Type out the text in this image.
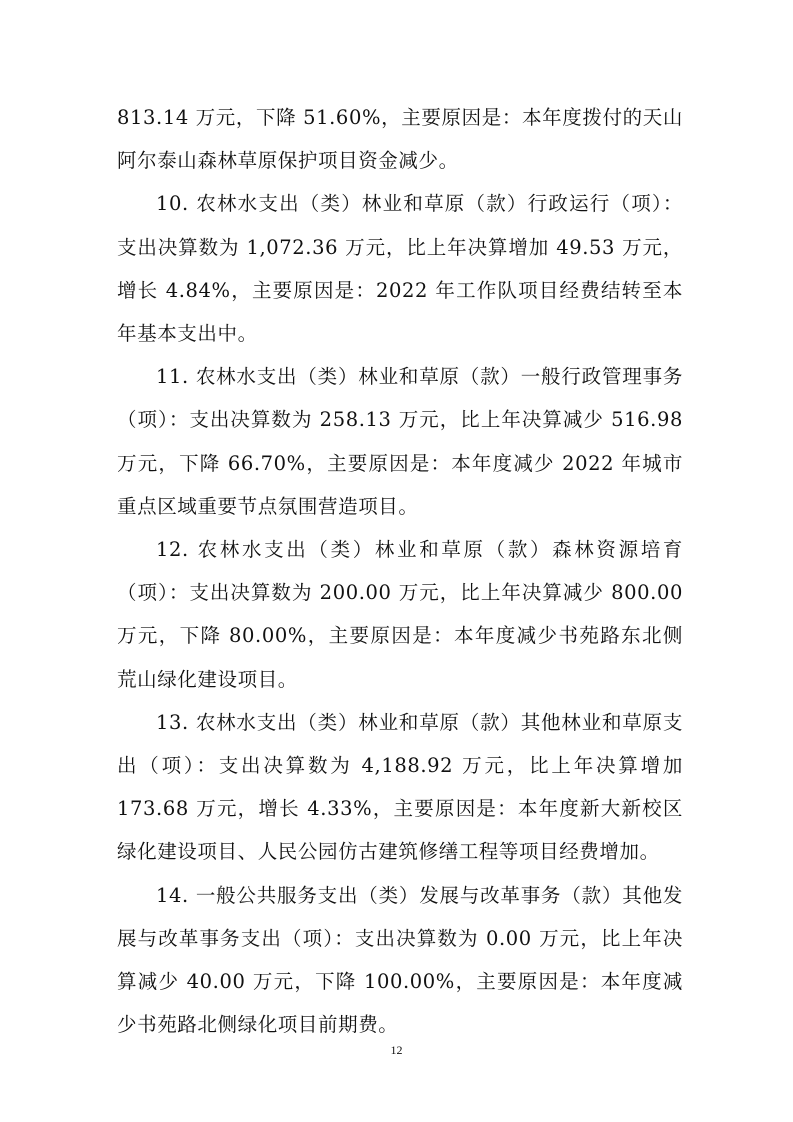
813.14 万元，下降 51.60%，主要原因是：本年度拨付的天山阿尔泰山森林草原保护项目资金减少。

10. 农林水支出（类）林业和草原（款）行政运行（项）：支出决算数为 1,072.36 万元，比上年决算增加 49.53 万元，增长 4.84%，主要原因是：2022 年工作队项目经费结转至本年基本支出中。

11. 农林水支出（类）林业和草原（款）一般行政管理事务（项）：支出决算数为 258.13 万元，比上年决算减少 516.98 万元，下降 66.70%，主要原因是：本年度减少 2022 年城市重点区域重要节点氛围营造项目。

12. 农林水支出（类）林业和草原（款）森林资源培育（项）：支出决算数为 200.00 万元，比上年决算减少 800.00 万元，下降 80.00%，主要原因是：本年度减少书苑路东北侧荒山绿化建设项目。

13. 农林水支出（类）林业和草原（款）其他林业和草原支出（项）：支出决算数为 4,188.92 万元，比上年决算增加 173.68 万元，增长 4.33%，主要原因是：本年度新大新校区绿化建设项目、人民公园仿古建筑修缮工程等项目经费增加。

14. 一般公共服务支出（类）发展与改革事务（款）其他发展与改革事务支出（项）：支出决算数为 0.00 万元，比上年决算减少 40.00 万元，下降 100.00%，主要原因是：本年度减少书苑路北侧绿化项目前期费。

12
